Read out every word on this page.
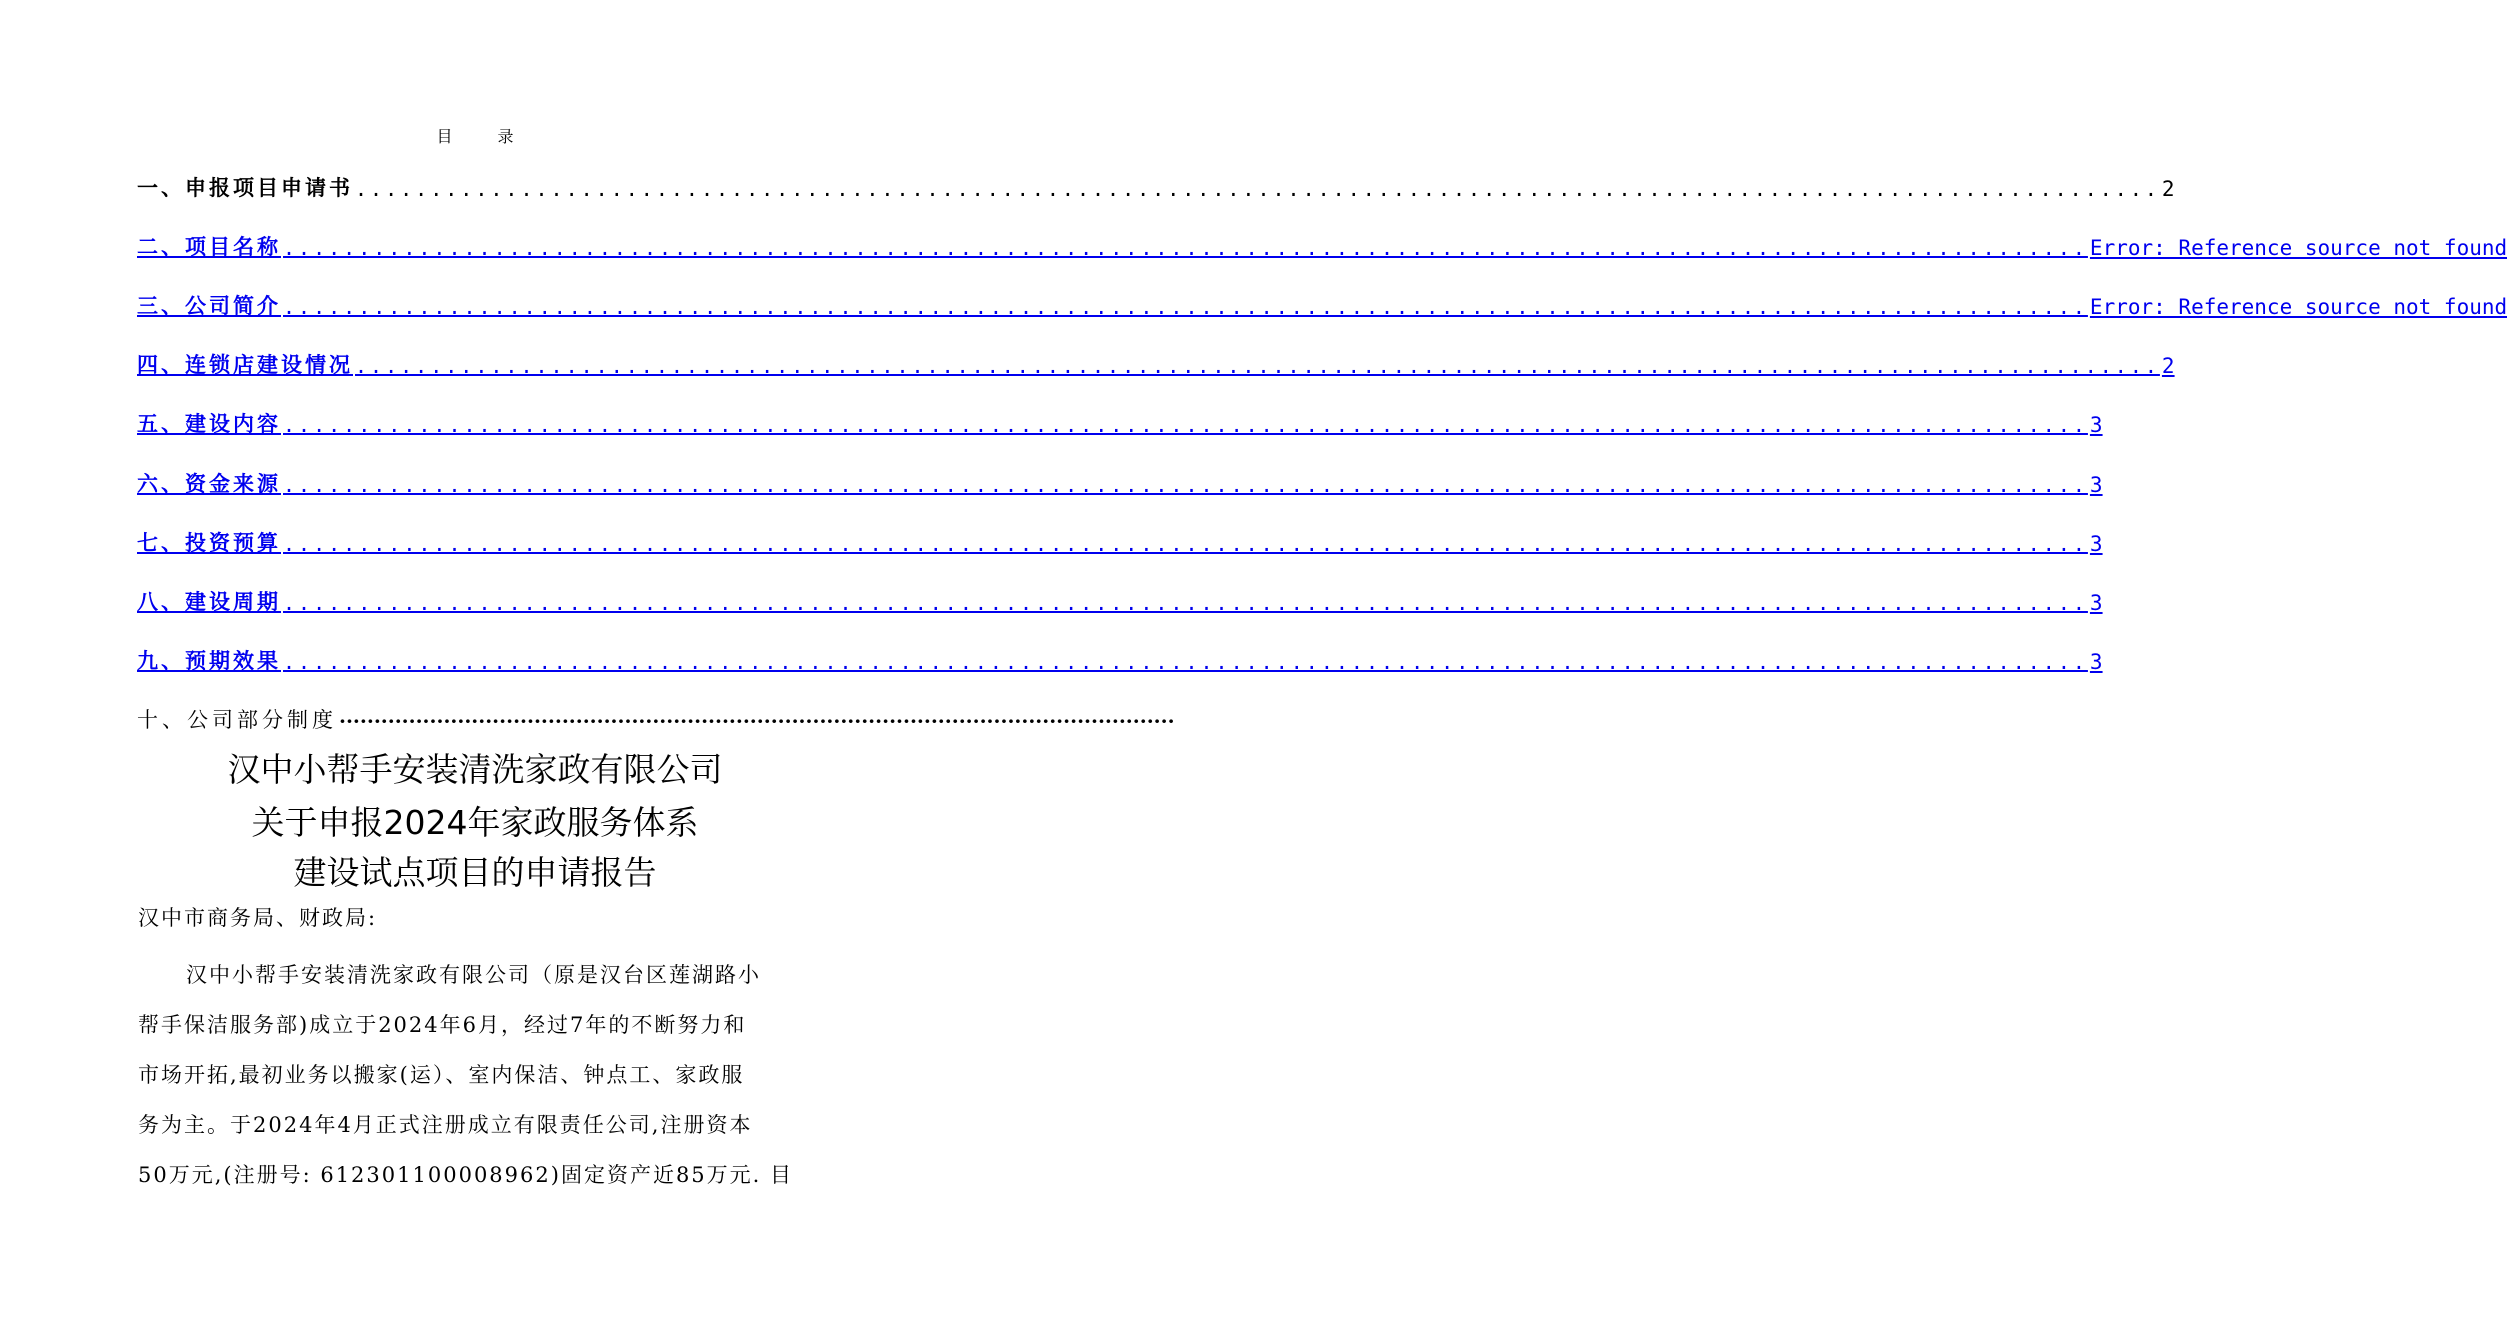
目 录
一、申报项目申请书 ........................................................................................................................ 2
二、项目名称 ........................................................................................................................ Error: Reference source not found
三、公司简介 ........................................................................................................................ Error: Reference source not found
四、连锁店建设情况 ........................................................................................................................ 2
五、建设内容 ........................................................................................................................ 3
六、资金来源 ........................................................................................................................ 3
七、投资预算 ........................................................................................................................ 3
八、建设周期 ........................................................................................................................ 3
九、预期效果 ........................................................................................................................ 3
十、公司部分制度 ························································································································
汉中小帮手安装清洗家政有限公司
关于申报2024年家政服务体系
建设试点项目的申请报告
汉中市商务局、财政局:
汉中小帮手安装清洗家政有限公司（原是汉台区莲湖路小
帮手保洁服务部)成立于2024年6月，经过7年的不断努力和
市场开拓,最初业务以搬家(运）、室内保洁、钟点工、家政服
务为主。于2024年4月正式注册成立有限责任公司,注册资本
50万元,(注册号: 612301100008962)固定资产近85万元. 目
